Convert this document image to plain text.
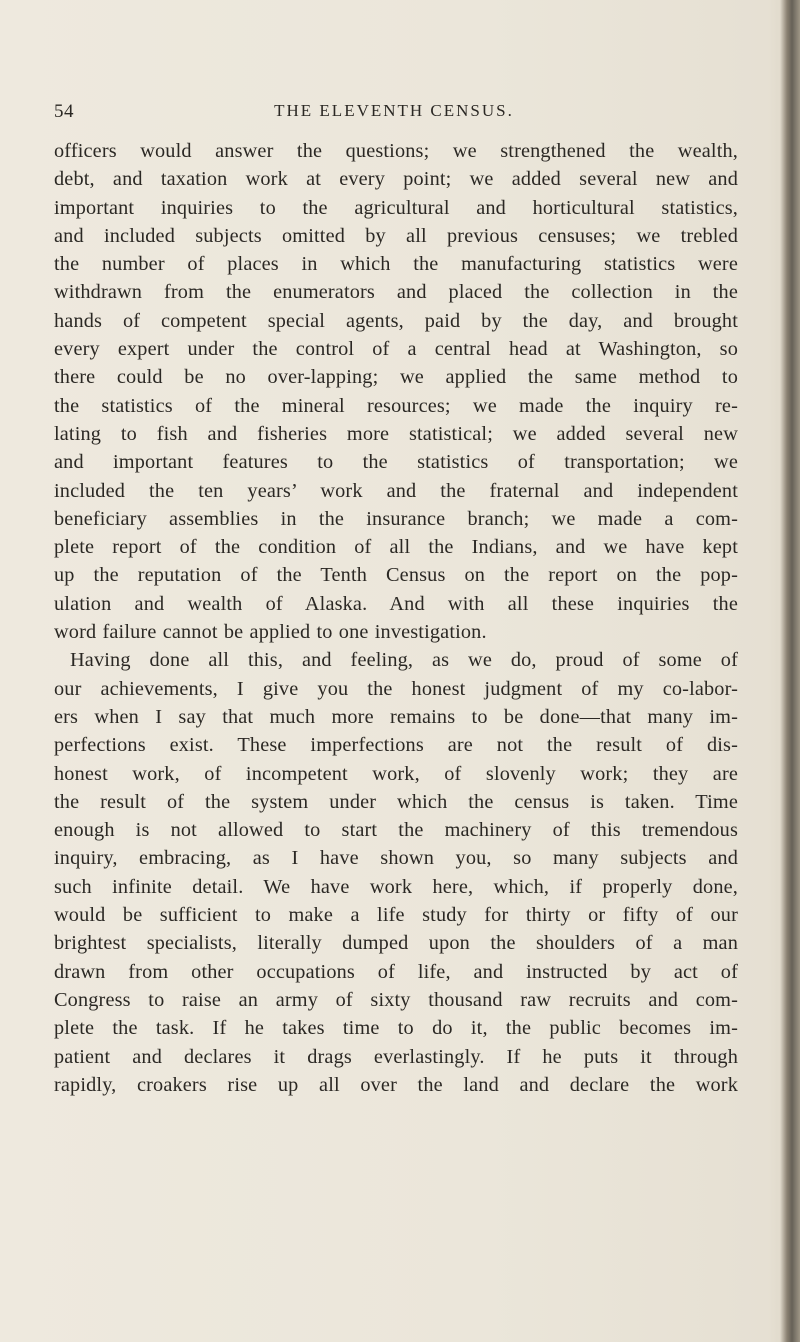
54	THE ELEVENTH CENSUS.
officers would answer the questions; we strengthened the wealth,
debt, and taxation work at every point; we added several new and
important inquiries to the agricultural and horticultural statistics,
and included subjects omitted by all previous censuses; we trebled
the number of places in which the manufacturing statistics were
withdrawn from the enumerators and placed the collection in the
hands of competent special agents, paid by the day, and brought
every expert under the control of a central head at Washington, so
there could be no over-lapping; we applied the same method to
the statistics of the mineral resources; we made the inquiry re-
lating to fish and fisheries more statistical; we added several new
and important features to the statistics of transportation; we
included the ten years’ work and the fraternal and independent
beneficiary assemblies in the insurance branch; we made a com-
plete report of the condition of all the Indians, and we have kept
up the reputation of the Tenth Census on the report on the pop-
ulation and wealth of Alaska. And with all these inquiries the
word failure cannot be applied to one investigation.
Having done all this, and feeling, as we do, proud of some of
our achievements, I give you the honest judgment of my co-labor-
ers when I say that much more remains to be done—that many im-
perfections exist. These imperfections are not the result of dis-
honest work, of incompetent work, of slovenly work; they are
the result of the system under which the census is taken. Time
enough is not allowed to start the machinery of this tremendous
inquiry, embracing, as I have shown you, so many subjects and
such infinite detail. We have work here, which, if properly done,
would be sufficient to make a life study for thirty or fifty of our
brightest specialists, literally dumped upon the shoulders of a man
drawn from other occupations of life, and instructed by act of
Congress to raise an army of sixty thousand raw recruits and com-
plete the task. If he takes time to do it, the public becomes im-
patient and declares it drags everlastingly. If he puts it through
rapidly, croakers rise up all over the land and declare the work
